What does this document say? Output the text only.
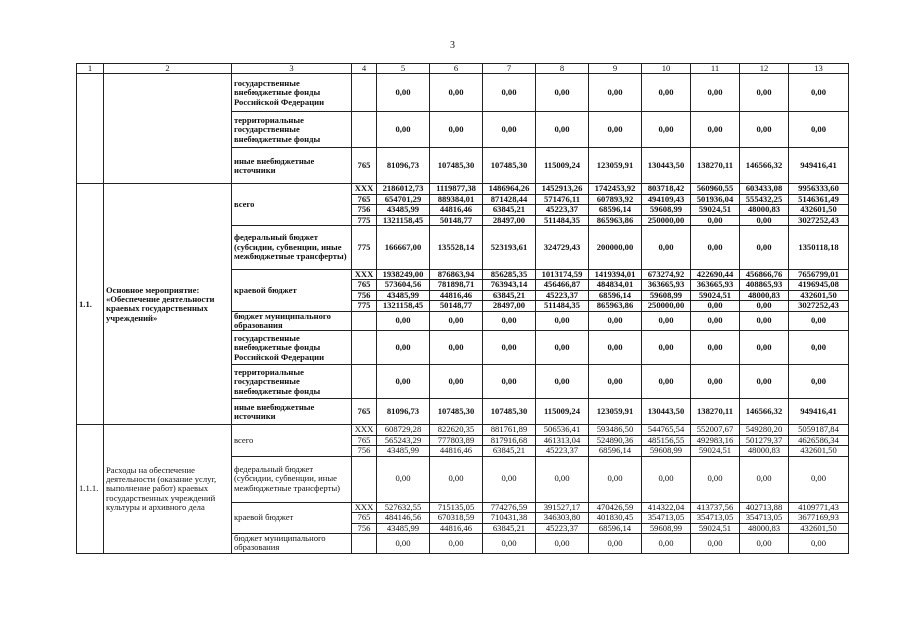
3
1	2	3	4	5	6	7	8	9	10	11	12	13
		государственные внебюджетные фонды Российской Федерации		0,00	0,00	0,00	0,00	0,00	0,00	0,00	0,00	0,00
		территориальные государственные внебюджетные фонды		0,00	0,00	0,00	0,00	0,00	0,00	0,00	0,00	0,00
		иные внебюджетные источники	765	81096,73	107485,30	107485,30	115009,24	123059,91	130443,50	138270,11	146566,32	949416,41
1.1.	Основное мероприятие: «Обеспечение деятельности краевых государственных учреждений»	всего	XXX	2186012,73	1119877,38	1486964,26	1452913,26	1742453,92	803718,42	560960,55	603433,08	9956333,60
			765	654701,29	889384,01	871428,44	571476,11	607893,92	494109,43	501936,04	555432,25	5146361,49
			756	43485,99	44816,46	63845,21	45223,37	68596,14	59608,99	59024,51	48000,83	432601,50
			775	1321158,45	50148,77	28497,00	511484,35	865963,86	250000,00	0,00	0,00	3027252,43
		федеральный бюджет (субсидии, субвенции, иные межбюджетные трансферты)	775	166667,00	135528,14	523193,61	324729,43	200000,00	0,00	0,00	0,00	1350118,18
		краевой бюджет	XXX	1938249,00	876863,94	856285,35	1013174,59	1419394,01	673274,92	422690,44	456866,76	7656799,01
			765	573604,56	781898,71	763943,14	456466,87	484834,01	363665,93	363665,93	408865,93	4196945,08
			756	43485,99	44816,46	63845,21	45223,37	68596,14	59608,99	59024,51	48000,83	432601,50
			775	1321158,45	50148,77	28497,00	511484,35	865963,86	250000,00	0,00	0,00	3027252,43
		бюджет муниципального образования		0,00	0,00	0,00	0,00	0,00	0,00	0,00	0,00	0,00
		государственные внебюджетные фонды Российской Федерации		0,00	0,00	0,00	0,00	0,00	0,00	0,00	0,00	0,00
		территориальные государственные внебюджетные фонды		0,00	0,00	0,00	0,00	0,00	0,00	0,00	0,00	0,00
		иные внебюджетные источники	765	81096,73	107485,30	107485,30	115009,24	123059,91	130443,50	138270,11	146566,32	949416,41
1.1.1.	Расходы на обеспечение деятельности (оказание услуг, выполнение работ) краевых государственных учреждений культуры и архивного дела	всего	XXX	608729,28	822620,35	881761,89	506536,41	593486,50	544765,54	552007,67	549280,20	5059187,84
			765	565243,29	777803,89	817916,68	461313,04	524890,36	485156,55	492983,16	501279,37	4626586,34
			756	43485,99	44816,46	63845,21	45223,37	68596,14	59608,99	59024,51	48000,83	432601,50
		федеральный бюджет (субсидии, субвенции, иные межбюджетные трансферты)		0,00	0,00	0,00	0,00	0,00	0,00	0,00	0,00	0,00
		краевой бюджет	XXX	527632,55	715135,05	774276,59	391527,17	470426,59	414322,04	413737,56	402713,88	4109771,43
			765	484146,56	670318,59	710431,38	346303,80	401830,45	354713,05	354713,05	354713,05	3677169,93
			756	43485,99	44816,46	63845,21	45223,37	68596,14	59608,99	59024,51	48000,83	432601,50
		бюджет муниципального образования		0,00	0,00	0,00	0,00	0,00	0,00	0,00	0,00	0,00
